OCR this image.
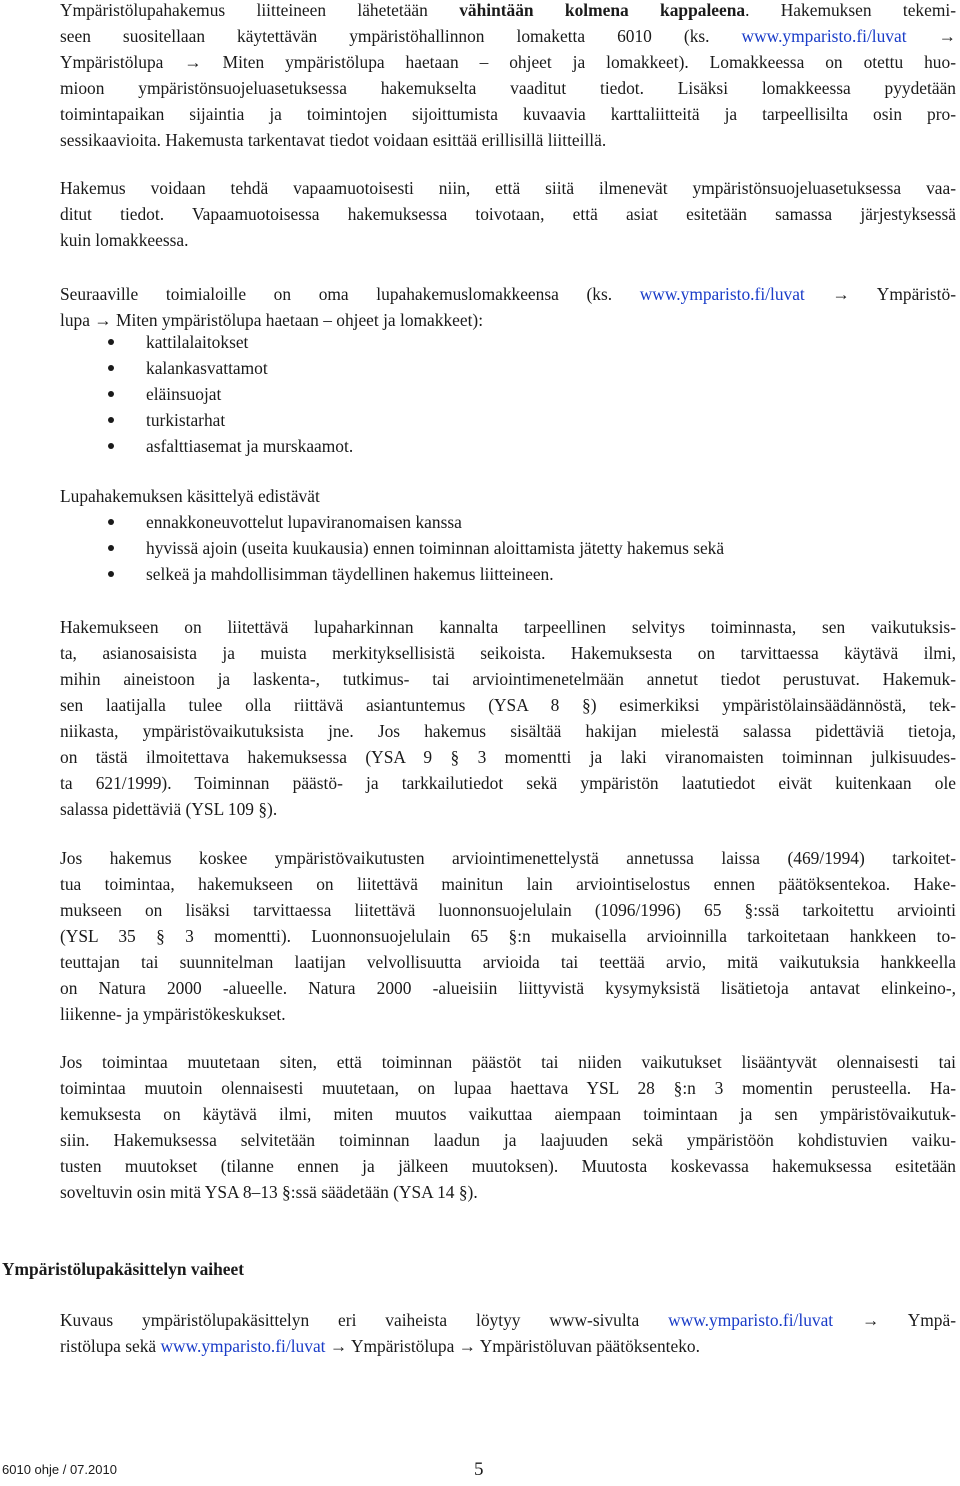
Ympäristölupahakemus liitteineen lähetetään vähintään kolmena kappaleena. Hakemuksen tekemi-
seen suositellaan käytettävän ympäristöhallinnon lomaketta 6010 (ks. www.ymparisto.fi/luvat →
Ympäristölupa → Miten ympäristölupa haetaan – ohjeet ja lomakkeet). Lomakkeessa on otettu huo-
mioon ympäristönsuojeluasetuksessa hakemukselta vaaditut tiedot. Lisäksi lomakkeessa pyydetään
toimintapaikan sijaintia ja toimintojen sijoittumista kuvaavia karttaliitteitä ja tarpeellisilta osin pro-
sessikaavioita. Hakemusta tarkentavat tiedot voidaan esittää erillisillä liitteillä.
Hakemus voidaan tehdä vapaamuotoisesti niin, että siitä ilmenevät ympäristönsuojeluasetuksessa vaa-
ditut tiedot. Vapaamuotoisessa hakemuksessa toivotaan, että asiat esitetään samassa järjestyksessä
kuin lomakkeessa.
Seuraaville toimialoille on oma lupahakemuslomakkeensa (ks. www.ymparisto.fi/luvat → Ympäristö-
lupa → Miten ympäristölupa haetaan – ohjeet ja lomakkeet):
kattilalaitokset
kalankasvattamot
eläinsuojat
turkistarhat
asfalttiasemat ja murskaamot.
Lupahakemuksen käsittelyä edistävät
ennakkoneuvottelut lupaviranomaisen kanssa
hyvissä ajoin (useita kuukausia) ennen toiminnan aloittamista jätetty hakemus sekä
selkeä ja mahdollisimman täydellinen hakemus liitteineen.
Hakemukseen on liitettävä lupaharkinnan kannalta tarpeellinen selvitys toiminnasta, sen vaikutuksis-
ta, asianosaisista ja muista merkityksellisistä seikoista. Hakemuksesta on tarvittaessa käytävä ilmi,
mihin aineistoon ja laskenta-, tutkimus- tai arviointimenetelmään annetut tiedot perustuvat. Hakemuk-
sen laatijalla tulee olla riittävä asiantuntemus (YSA 8 §) esimerkiksi ympäristölainsäädännöstä, tek-
niikasta, ympäristövaikutuksista jne. Jos hakemus sisältää hakijan mielestä salassa pidettäviä tietoja,
on tästä ilmoitettava hakemuksessa (YSA 9 § 3 momentti ja laki viranomaisten toiminnan julkisuudes-
ta 621/1999). Toiminnan päästö- ja tarkkailutiedot sekä ympäristön laatutiedot eivät kuitenkaan ole
salassa pidettäviä (YSL 109 §).
Jos hakemus koskee ympäristövaikutusten arviointimenettelystä annetussa laissa (469/1994) tarkoitet-
tua toimintaa, hakemukseen on liitettävä mainitun lain arviointiselostus ennen päätöksentekoa. Hake-
mukseen on lisäksi tarvittaessa liitettävä luonnonsuojelulain (1096/1996) 65 §:ssä tarkoitettu arviointi
(YSL 35 § 3 momentti). Luonnonsuojelulain 65 §:n mukaisella arvioinnilla tarkoitetaan hankkeen to-
teuttajan tai suunnitelman laatijan velvollisuutta arvioida tai teettää arvio, mitä vaikutuksia hankkeella
on Natura 2000 -alueelle. Natura 2000 -alueisiin liittyvistä kysymyksistä lisätietoja antavat elinkeino-,
liikenne- ja ympäristökeskukset.
Jos toimintaa muutetaan siten, että toiminnan päästöt tai niiden vaikutukset lisääntyvät olennaisesti tai
toimintaa muutoin olennaisesti muutetaan, on lupaa haettava YSL 28 §:n 3 momentin perusteella. Ha-
kemuksesta on käytävä ilmi, miten muutos vaikuttaa aiempaan toimintaan ja sen ympäristövaikutuk-
siin. Hakemuksessa selvitetään toiminnan laadun ja laajuuden sekä ympäristöön kohdistuvien vaiku-
tusten muutokset (tilanne ennen ja jälkeen muutoksen). Muutosta koskevassa hakemuksessa esitetään
soveltuvin osin mitä YSA 8–13 §:ssä säädetään (YSA 14 §).
Ympäristölupakäsittelyn vaiheet
Kuvaus ympäristölupakäsittelyn eri vaiheista löytyy www-sivulta www.ymparisto.fi/luvat → Ympä-
ristölupa sekä www.ymparisto.fi/luvat → Ympäristölupa → Ympäristöluvan päätöksenteko.
6010 ohje / 07.2010	5
